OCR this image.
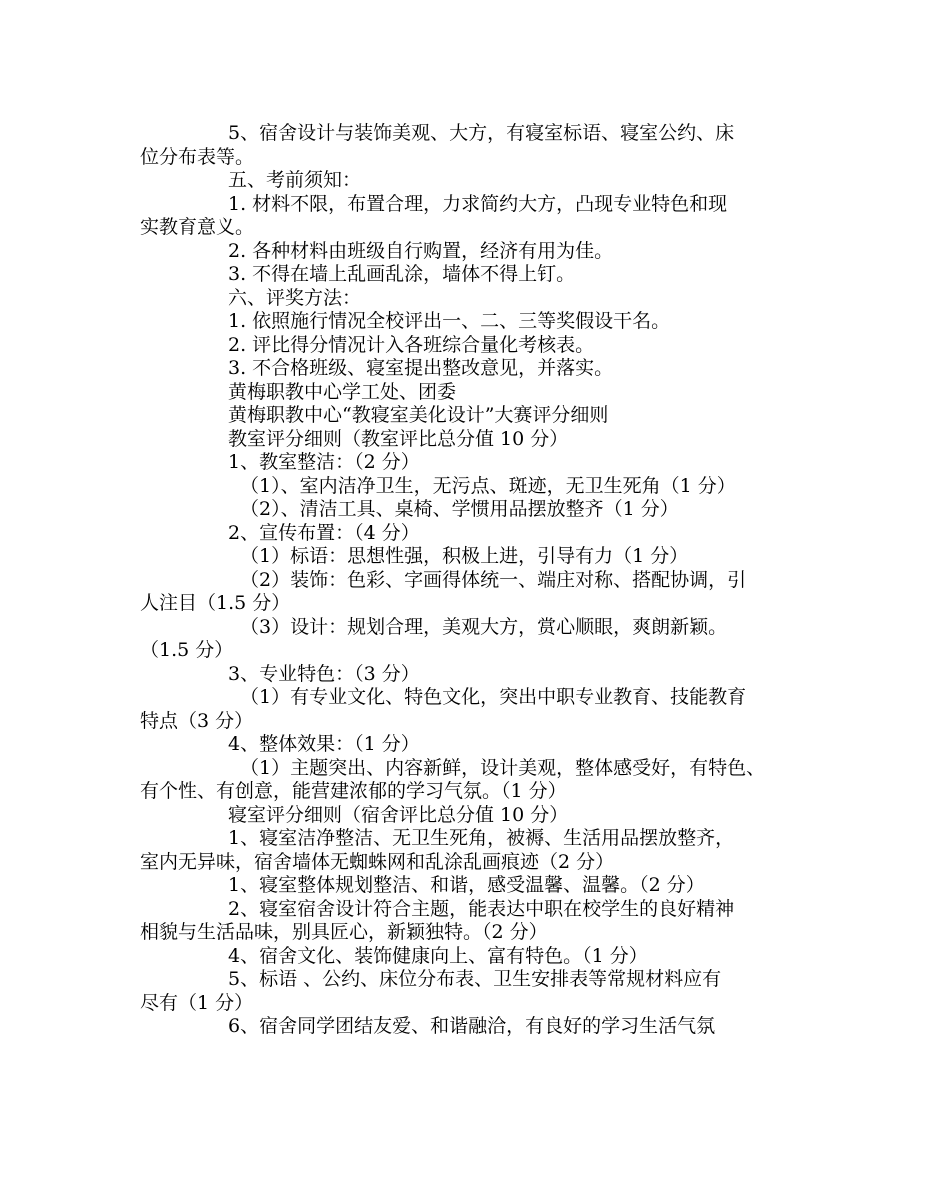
5、宿舍设计与装饰美观、大方，有寝室标语、寝室公约、床

位分布表等。

五、考前须知：

1. 材料不限，布置合理，力求简约大方，凸现专业特色和现

实教育意义。

2. 各种材料由班级自行购置，经济有用为佳。

3. 不得在墙上乱画乱涂，墙体不得上钉。

六、评奖方法：

1. 依照施行情况全校评出一、二、三等奖假设干名。

2. 评比得分情况计入各班综合量化考核表。

3. 不合格班级、寝室提出整改意见，并落实。

黄梅职教中心学工处、团委

黄梅职教中心“教寝室美化设计”大赛评分细则

教室评分细则（教室评比总分值 10 分）

1、教室整洁：（2 分）

（1）、室内洁净卫生，无污点、斑迹，无卫生死角（1 分）

（2）、清洁工具、桌椅、学惯用品摆放整齐（1 分）

2、宣传布置：（4 分）

（1）标语：思想性强，积极上进，引导有力（1 分）

（2）装饰：色彩、字画得体统一、端庄对称、搭配协调，引

人注目（1.5 分）

（3）设计：规划合理，美观大方，赏心顺眼，爽朗新颖。

（1.5 分）

3、专业特色：（3 分）

（1）有专业文化、特色文化，突出中职专业教育、技能教育

特点（3 分）

4、整体效果：（1 分）

（1）主题突出、内容新鲜，设计美观，整体感受好，有特色、

有个性、有创意，能营建浓郁的学习气氛。（1 分）

寝室评分细则（宿舍评比总分值 10 分）

1、寝室洁净整洁、无卫生死角，被褥、生活用品摆放整齐，

室内无异味，宿舍墙体无蜘蛛网和乱涂乱画痕迹（2 分）

1、寝室整体规划整洁、和谐，感受温馨、温馨。（2 分）

2、寝室宿舍设计符合主题，能表达中职在校学生的良好精神

相貌与生活品味，别具匠心，新颖独特。（2 分）

4、宿舍文化、装饰健康向上、富有特色。（1 分）

5、标语 、公约、床位分布表、卫生安排表等常规材料应有

尽有（1 分）

6、宿舍同学团结友爱、和谐融洽，有良好的学习生活气氛
